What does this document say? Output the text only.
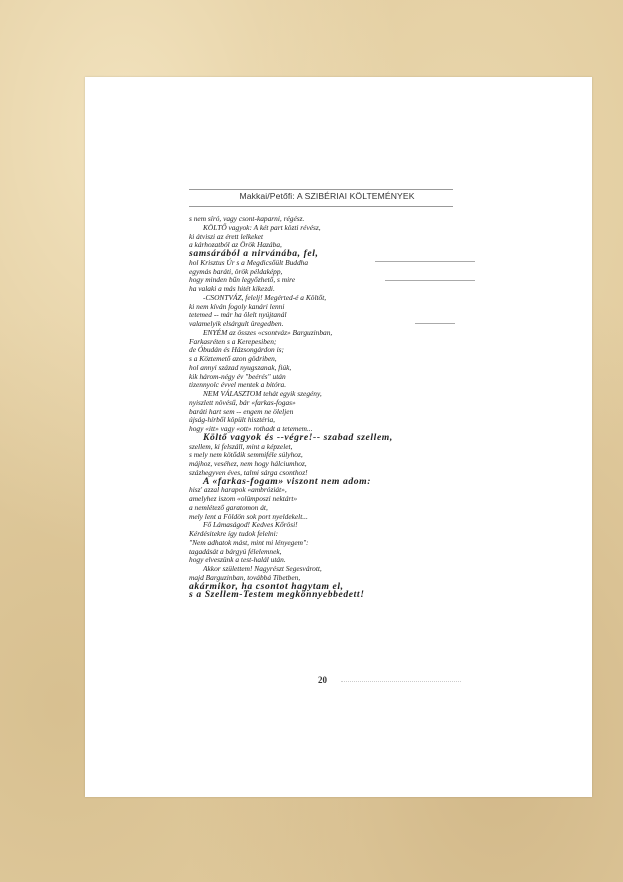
Makkai/Petőfi: A SZIBÉRIAI KÖLTEMÉNYEK
s nem síró, vagy csont-kaparni, régész.
KÖLTŐ vagyok: A két part közti révész,
ki átviszi az érett lelkeket
a kárhozatból az Örök Hazába,
samsárából a nirvánába, fel,
hol Krisztus Úr s a Megdicsőült Buddha
egymás baráti, örök példaképp,
hogy minden bűn legyőzhető, s mire
ha valaki a más hitét kikezdi.
-CSONTVÁZ, felelj! Megérted-é a Költőt,
ki nem kíván fogoly kanári lenni
tetemed -- már ha ölelt nyújtanál
valamelyik elsárgult üregedben.
ENYÉM az összes «csontváz» Barguzinban,
Farkasréten s a Kerepesiben;
de Óbudán és Házsongárdon is;
s a Köztemető azon gödriben,
hol annyi század nyugszanak, fiúk,
kik három-négy év "beérés" után
tizennyolc évvel mentek a bitóra.
NEM VÁLASZTOM tehát egyik szegény,
nyiszlett növésű, bár «farkas-fogas»
baráti hart sem -- engem ne öleljen
újság-hírből köpült hisztéria,
hogy «itt» vagy «ott» rothadt a tetemem...
Költő vagyok és --végre!-- szabad szellem,
szellem, ki felszáll, mint a képzelet,
s mely nem kötődik semmiféle súlyhoz,
májhoz, veséhez, nem hogy hálciumhoz,
százhegyven éves, talmi sárga csonthoz!
A «farkas-fogam» viszont nem adom:
hisz' azzal harapok «ambróziát»,
amelyhez iszom «olümposzi nektárt»
a nemlétező garatomon át,
mely lent a Földön sok port nyeldekelt...
Fő Lámaságod! Kedves Kőrösi!
Kérdésitekre így tudok felelni:
"Nem adhatok mást, mint mi lényegem":
tagadását a bárgyú félelemnek,
hogy elveszünk a test-halál után.
Akkor születtem! Nagyrészt Segesvárott,
majd Barguzinban, továbbá Tibetben,
akármikor, ha csontot hagytam el,
s a Szellem-Testem megkönnyebbedett!
20
